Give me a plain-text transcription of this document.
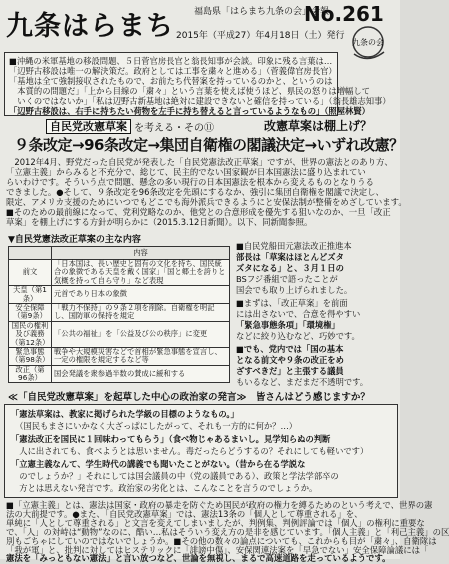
九条はらまち 福島県「はらまち九条の会」会報
No.261
2015年（平成27）年4月18日（土）発行
九条の会
■沖縄の米軍基地の移設問題、５日菅官房長官と翁長知事が会談。印象に残る言葉は…
「辺野古移設は唯一の解決策だ。政府としては工事を粛々と進める」（菅義偉官房長官）
「基地は全て強制接収されたもので、お前たち代替案を持っているのかと、というのは
　本質的の問題だ」「上から目線の「粛々」という言葉を使えば使うほど、県民の怒りは増幅して
　いくのではないか」「私は辺野古新基地は絶対に建設できないと確信を持っている」（翁長雄志知事）
「辺野古移設は、右手に持ちたい荷物を左手に持ち替えると言っているようなもの」（照屋林賢）
自民党改憲草案 を考える・その⑪	改憲草案は棚上げ？
９条改定→96条改定→集団自衛権の閣議決定→いずれ改憲？
　2012年4月、野党だった自民党が発表した「自民党憲法改正草案」ですが、世界の憲法とのあり方、
「立憲主義」からみると不充分で、総じて、民主的でない国家観が日本国憲法に盛り込まれてい
らいわけです。そういう点で問題、懸念の多い現行の日本国憲法を根本から変えるものとなりうる
できました。●そして、９条改定を96条改定を先頭にするなか、強引に集団自衛権を閣議で決定し、
限定、アメリカ支援のためにいつでもどこでも海外派兵できるようにと安保法制が整備をめざしています。
■そのための最前線になって、党利党略なのか、他党との合意形成を優先する狙いなのか、一旦「改正
草案」を棚上げにする方針が明らかに（2015.3.12日新聞）。以下、同新聞参照。
▼自民党憲法改正草案の主な内容
	内容
前文	「日本国は、長い歴史と固有の文化を持ち、国民統合の象徴である天皇を戴く国家」「国と郷土を誇りと気概を持って自ら守り」など表現
天皇（第1条）	元首であり日本の象徴
安全保障（第9条）	「戦力不保持」の９条２項を削除。自衛権を明記し、国防軍の保持を規定
国民の権利及び義務（第12条）	「公共の福祉」を「公益及び公の秩序」に変更
緊急事態（第98条）	戦争や大規模災害などで首相が緊急事態を宣言し、一定の権限を規定するなど等
改正（第96条）	国会発議を衆参過半数の賛成に緩和する
■自民党船田元憲法改正推進本
部長は「草案はほとんどズタ
ズタになる」と、３月１日の
BSフジ番組で語ったことが
国会でも取り上げられました。
■まずは、「改正草案」を前面
には出さないで、合意を得やすい
「緊急事態条項」「環境権」
などに絞り込むなど、巧妙です。
■でも、党内では「国の基本
となる前文や９条の改正をめ
ざすべきだ」と主張する議員
もいるなど、まだまだ不透明です。
≪「自民党改憲草案」を起草した中心の政治家の発言≫　皆さんはどう感じますか？
「憲法草案は、教家に掲げられた学級の目標のようなもの。」
　（国民もまさにいかなく大ざっぱにしたがって、それも一方的に何か？…）
「憲法改正を国民に１回味わってもらう」（食べ物じゃあるまいし。見学知らぬの判断
　人に出されても、食べようとは思いません。毒だったらどうするの？それにしても軽いです）
「立憲主義なんて、学生時代の講義でも聞いたことがない。（昔から在る学説な
　のでしょうか？」それにしては国会議員の中（党の議員である）、政策と学法学部卒の
　方とは思えない発言です。政治家の劣化とは、こんなことを言うのでしょうか。
■「立憲主義」とは、憲法は国家・政府の暴走を防ぐため国民が政府の権力を縛るためのという考えで、世界の憲
法の大前提です。●また、「自民党改憲草案」では、憲法13条の「個人として尊重される」を、
単純に「人として尊重される」と文言を変えてしまいましたが、判例集、判例評論では「個人」の権利に重要な
で、「人」の対峙は“動物”なのに、酷い…私はそういう変え方の是非を感じています。「個人主義」と「利己主義」の区
別もごちゃにしていのではないでしょうか。■その他の数々の論点についても、これからも目が「粛々」、自衛隊は
「我が軍」と、批判に対してはヒステリックに「誹謗中傷」、安保関連法案を「早急でない」安全保障論議には「
憲法を「みっともない憲法」と言い放つなど、世論を無視し、まるで高速道路を走っているようです。
